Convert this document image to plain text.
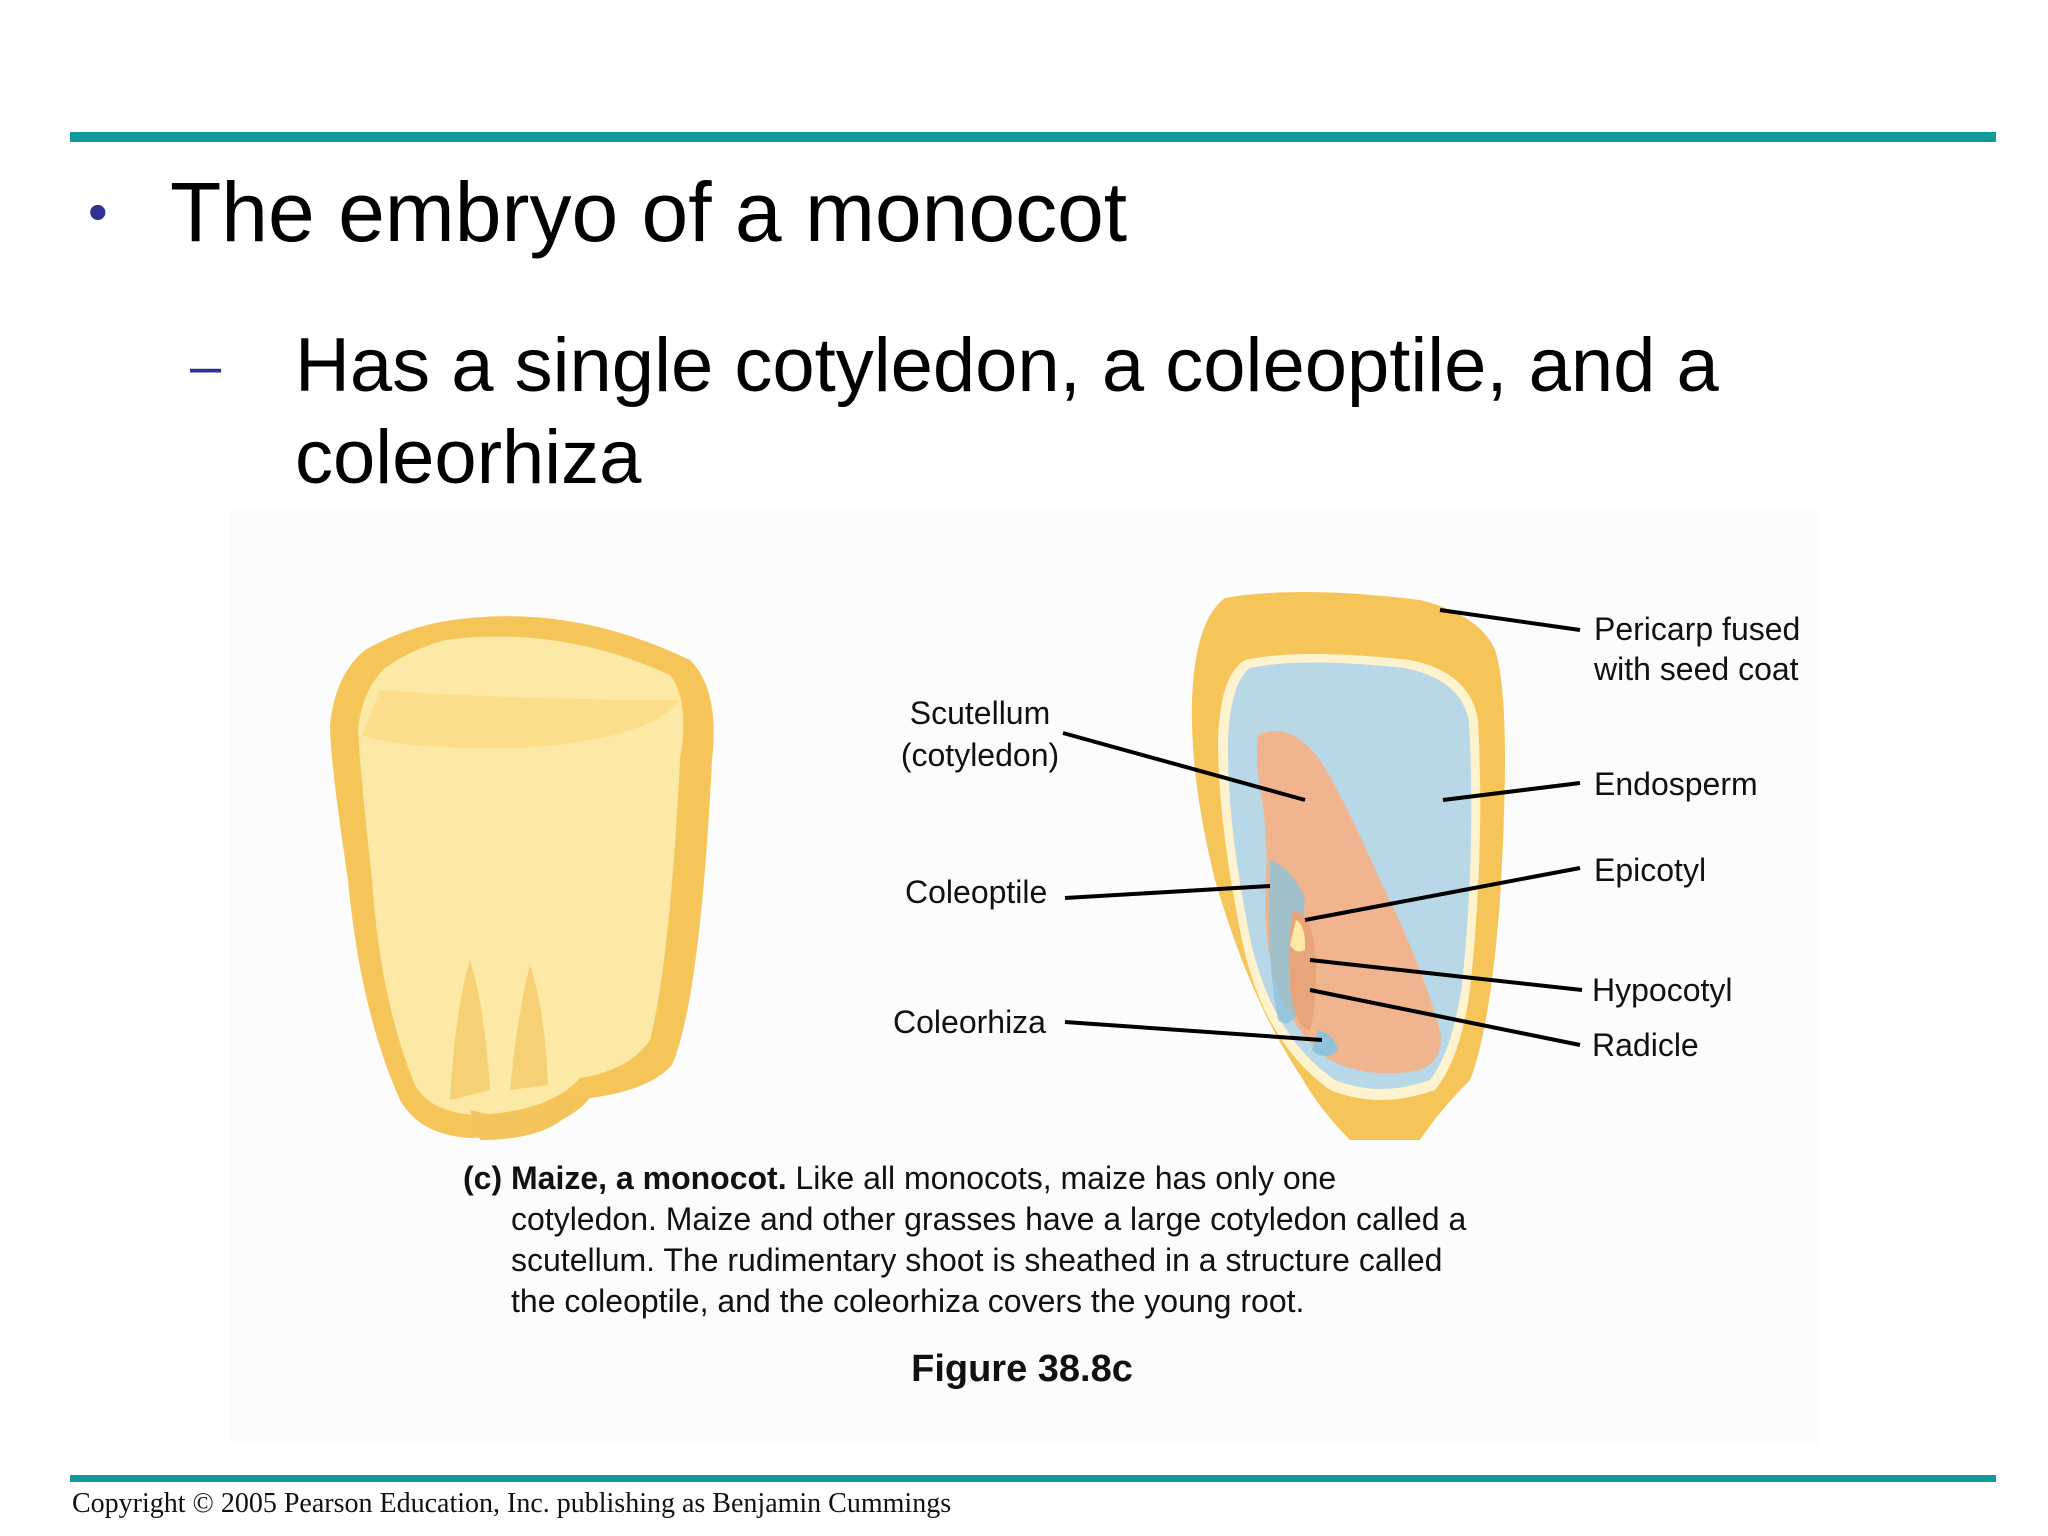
• The embryo of a monocot
– Has a single cotyledon, a coleoptile, and a coleorhiza
Pericarp fused
with seed coat
Scutellum
(cotyledon)
Endosperm
Epicotyl
Coleoptile
Hypocotyl
Coleorhiza
Radicle
(c) Maize, a monocot. Like all monocots, maize has only one
cotyledon. Maize and other grasses have a large cotyledon called a
scutellum. The rudimentary shoot is sheathed in a structure called
the coleoptile, and the coleorhiza covers the young root.
Figure 38.8c
Copyright © 2005 Pearson Education, Inc. publishing as Benjamin Cummings
